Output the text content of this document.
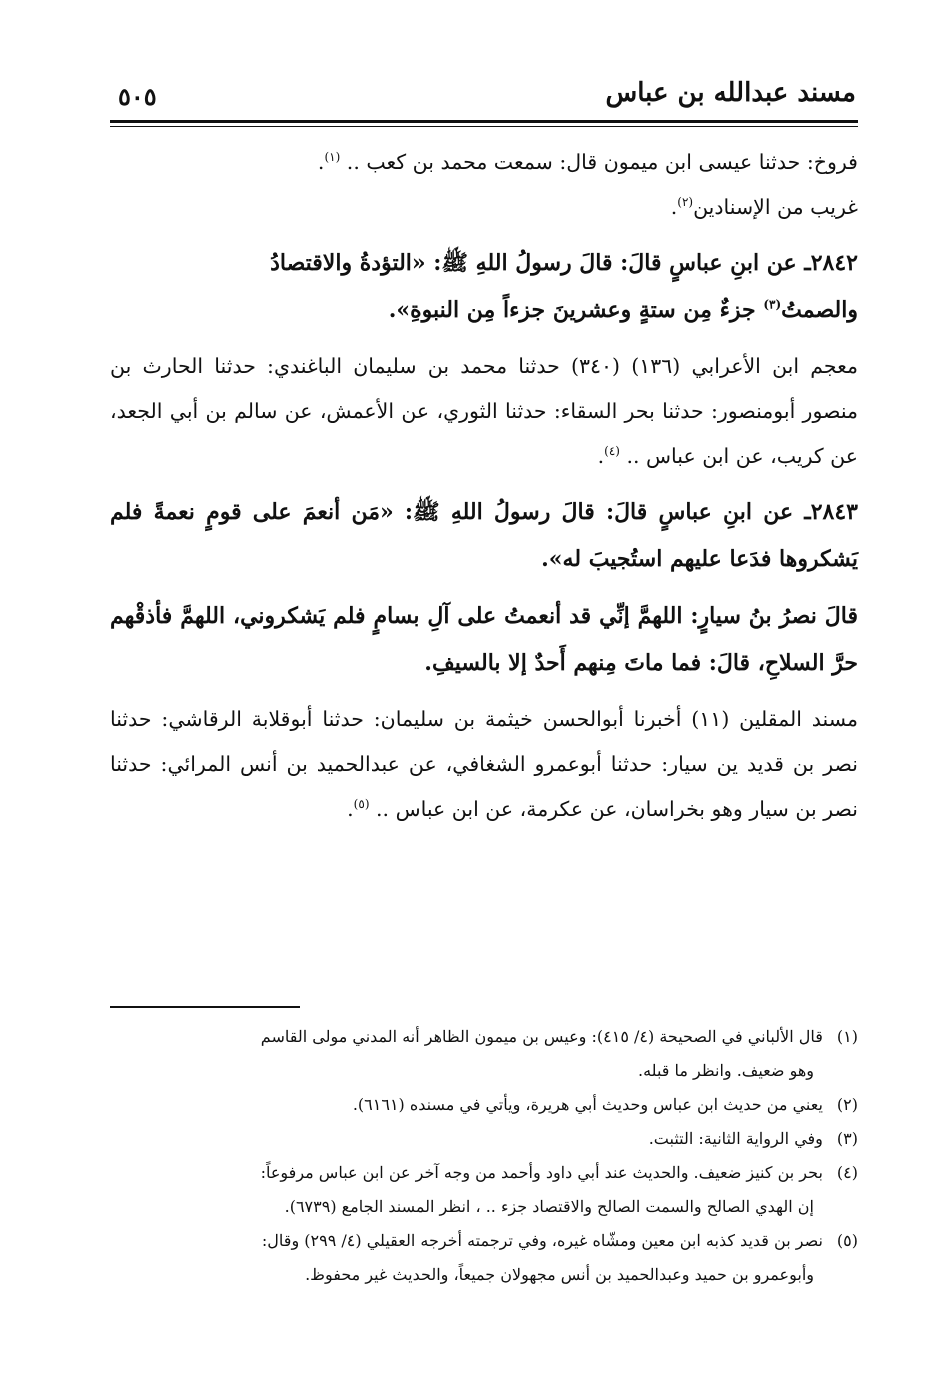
مسند عبدالله بن عباس
٥٠٥

فروخ: حدثنا عيسى ابن ميمون قال: سمعت محمد بن كعب .. $^{(١)}$.

غريب من الإسنادين$^{(٢)}$.

٢٨٤٢ـ عن ابنِ عباسٍ قالَ: قالَ رسولُ اللهِ ﷺ: «التؤدةُ والاقتصادُ
والصمتُ$^{(٣)}$ جزءٌ مِن ستةٍ وعشرينَ جزءاً مِن النبوةِ».

معجم ابن الأعرابي (١٣٦) (٣٤٠) حدثنا محمد بن سليمان الباغندي: حدثنا الحارث بن منصور أبومنصور: حدثنا بحر السقاء: حدثنا الثوري، عن الأعمش، عن سالم بن أبي الجعد، عن كريب، عن ابن عباس .. $^{(٤)}$.

٢٨٤٣ـ عن ابنِ عباسٍ قالَ: قالَ رسولُ اللهِ ﷺ: «مَن أنعمَ على قومٍ نعمةً فلم يَشكروها فدَعا عليهم استُجيبَ له».

قالَ نصرُ بنُ سيارٍ: اللهمَّ إنِّي قد أنعمتُ على آلِ بسامٍ فلم يَشكروني، اللهمَّ فأذقْهم حرَّ السلاحِ، قالَ: فما ماتَ مِنهم أَحدٌ إلا بالسيفِ.

مسند المقلين (١١) أخبرنا أبوالحسن خيثمة بن سليمان: حدثنا أبوقلابة الرقاشي: حدثنا نصر بن قديد ين سيار: حدثنا أبوعمرو الشغافي، عن عبدالحميد بن أنس المرائي: حدثنا نصر بن سيار وهو بخراسان، عن عكرمة، عن ابن عباس .. $^{(٥)}$.

(١) قال الألباني في الصحيحة (٤/ ٤١٥): وعيس بن ميمون الظاهر أنه المدني مولى القاسم
وهو ضعيف. وانظر ما قبله.
(٢) يعني من حديث ابن عباس وحديث أبي هريرة، ويأتي في مسنده (٦١٦١).
(٣) وفي الرواية الثانية: التثبت.
(٤) بحر بن كنيز ضعيف. والحديث عند أبي داود وأحمد من وجه آخر عن ابن عباس مرفوعاً:
إن الهدي الصالح والسمت الصالح والاقتصاد جزء .. ، انظر المسند الجامع (٦٧٣٩).
(٥) نصر بن قديد كذبه ابن معين ومشّاه غيره، وفي ترجمته أخرجه العقيلي (٤/ ٢٩٩) وقال:
وأبوعمرو بن حميد وعبدالحميد بن أنس مجهولان جميعاً، والحديث غير محفوظ.
